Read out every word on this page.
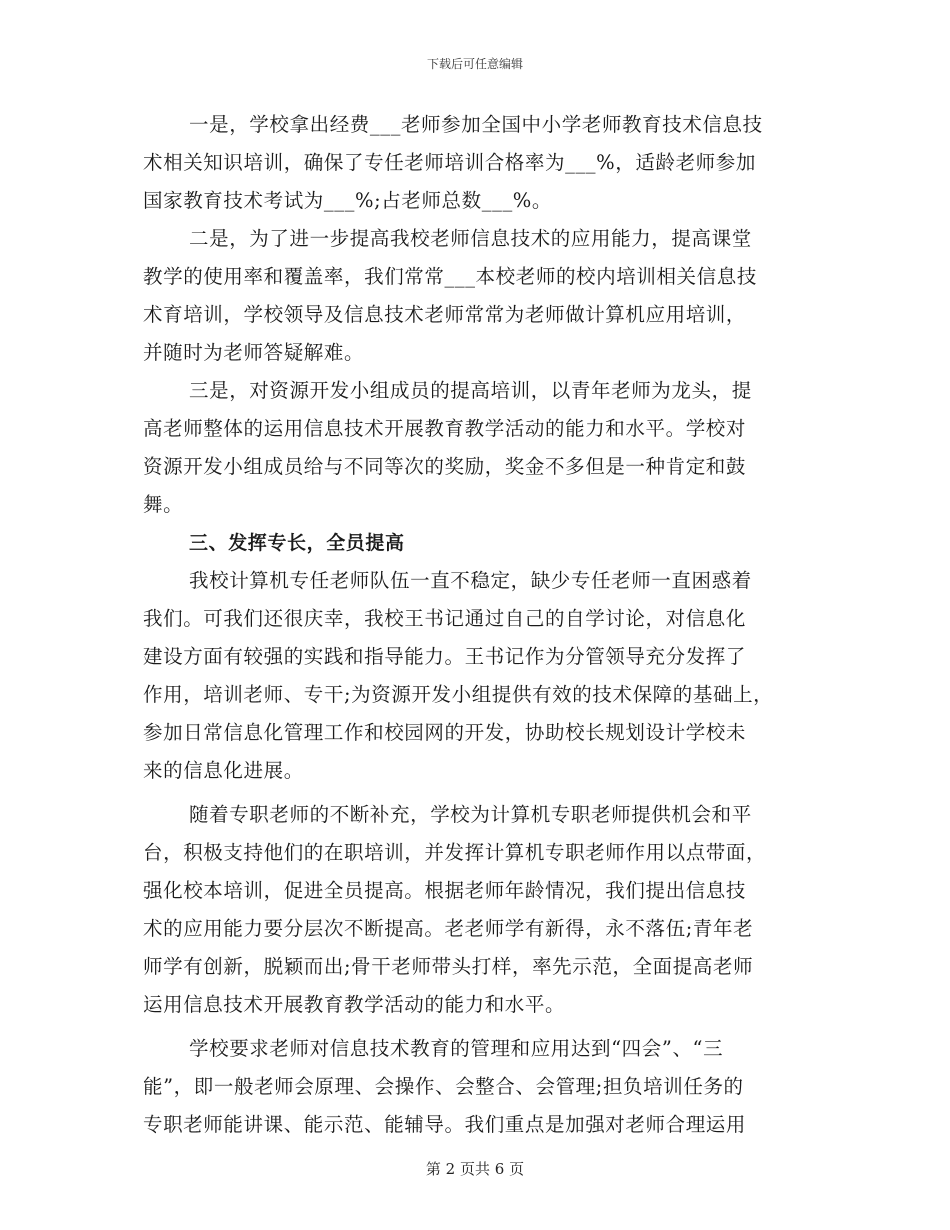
下载后可任意编辑
一是，学校拿出经费___老师参加全国中小学老师教育技术信息技
术相关知识培训，确保了专任老师培训合格率为___%，适龄老师参加
国家教育技术考试为___%;占老师总数___%。
二是，为了进一步提高我校老师信息技术的应用能力，提高课堂
教学的使用率和覆盖率，我们常常___本校老师的校内培训相关信息技
术育培训，学校领导及信息技术老师常常为老师做计算机应用培训，
并随时为老师答疑解难。
三是，对资源开发小组成员的提高培训，以青年老师为龙头，提
高老师整体的运用信息技术开展教育教学活动的能力和水平。学校对
资源开发小组成员给与不同等次的奖励，奖金不多但是一种肯定和鼓
舞。
三、发挥专长，全员提高
我校计算机专任老师队伍一直不稳定，缺少专任老师一直困惑着
我们。可我们还很庆幸，我校王书记通过自己的自学讨论，对信息化
建设方面有较强的实践和指导能力。王书记作为分管领导充分发挥了
作用，培训老师、专干;为资源开发小组提供有效的技术保障的基础上，
参加日常信息化管理工作和校园网的开发，协助校长规划设计学校未
来的信息化进展。
随着专职老师的不断补充，学校为计算机专职老师提供机会和平
台，积极支持他们的在职培训，并发挥计算机专职老师作用以点带面，
强化校本培训，促进全员提高。根据老师年龄情况，我们提出信息技
术的应用能力要分层次不断提高。老老师学有新得，永不落伍;青年老
师学有创新，脱颖而出;骨干老师带头打样，率先示范，全面提高老师
运用信息技术开展教育教学活动的能力和水平。
学校要求老师对信息技术教育的管理和应用达到“四会”、“三
能”，即一般老师会原理、会操作、会整合、会管理;担负培训任务的
专职老师能讲课、能示范、能辅导。我们重点是加强对老师合理运用
第 2 页共 6 页
